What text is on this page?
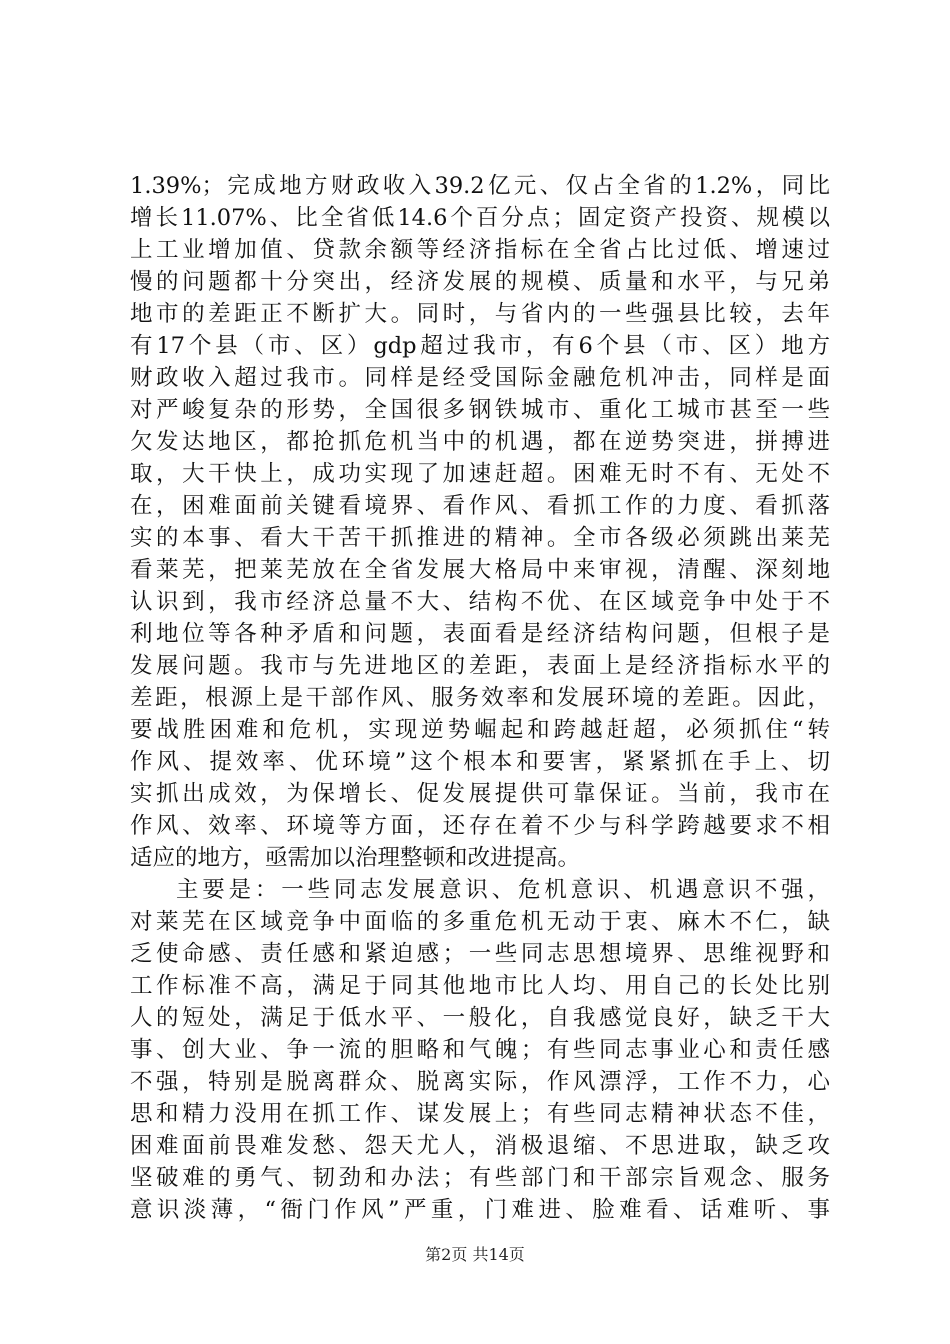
1.39%；完成地方财政收入39.2亿元、仅占全省的1.2%，同比
增长11.07%、比全省低14.6个百分点；固定资产投资、规模以
上工业增加值、贷款余额等经济指标在全省占比过低、增速过
慢的问题都十分突出，经济发展的规模、质量和水平，与兄弟
地市的差距正不断扩大。同时，与省内的一些强县比较，去年
有17个县（市、区）gdp超过我市，有6个县（市、区）地方
财政收入超过我市。同样是经受国际金融危机冲击，同样是面
对严峻复杂的形势，全国很多钢铁城市、重化工城市甚至一些
欠发达地区，都抢抓危机当中的机遇，都在逆势突进，拼搏进
取，大干快上，成功实现了加速赶超。困难无时不有、无处不
在，困难面前关键看境界、看作风、看抓工作的力度、看抓落
实的本事、看大干苦干抓推进的精神。全市各级必须跳出莱芜
看莱芜，把莱芜放在全省发展大格局中来审视，清醒、深刻地
认识到，我市经济总量不大、结构不优、在区域竞争中处于不
利地位等各种矛盾和问题，表面看是经济结构问题，但根子是
发展问题。我市与先进地区的差距，表面上是经济指标水平的
差距，根源上是干部作风、服务效率和发展环境的差距。因此，
要战胜困难和危机，实现逆势崛起和跨越赶超，必须抓住“转
作风、提效率、优环境”这个根本和要害，紧紧抓在手上、切
实抓出成效，为保增长、促发展提供可靠保证。当前，我市在
作风、效率、环境等方面，还存在着不少与科学跨越要求不相
适应的地方，亟需加以治理整顿和改进提高。
主要是：一些同志发展意识、危机意识、机遇意识不强，
对莱芜在区域竞争中面临的多重危机无动于衷、麻木不仁，缺
乏使命感、责任感和紧迫感；一些同志思想境界、思维视野和
工作标准不高，满足于同其他地市比人均、用自己的长处比别
人的短处，满足于低水平、一般化，自我感觉良好，缺乏干大
事、创大业、争一流的胆略和气魄；有些同志事业心和责任感
不强，特别是脱离群众、脱离实际，作风漂浮，工作不力，心
思和精力没用在抓工作、谋发展上；有些同志精神状态不佳，
困难面前畏难发愁、怨天尤人，消极退缩、不思进取，缺乏攻
坚破难的勇气、韧劲和办法；有些部门和干部宗旨观念、服务
意识淡薄，“衙门作风”严重，门难进、脸难看、话难听、事
第2页 共14页
